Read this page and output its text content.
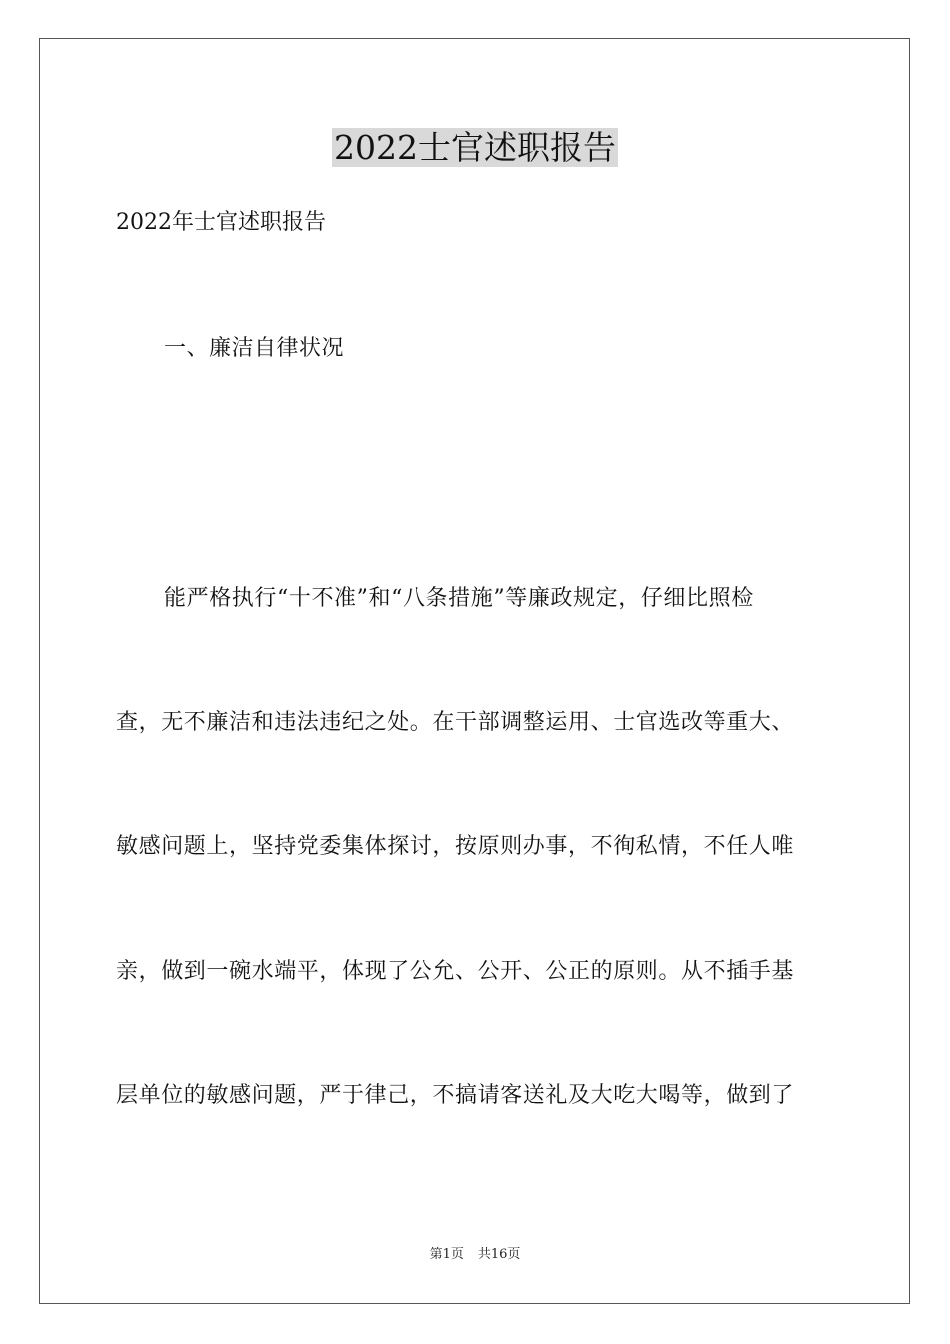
2022士官述职报告

2022年士官述职报告

一、廉洁自律状况

能严格执行“十不准”和“八条措施”等廉政规定，仔细比照检

查，无不廉洁和违法违纪之处。在干部调整运用、士官选改等重大、

敏感问题上，坚持党委集体探讨，按原则办事，不徇私情，不任人唯

亲，做到一碗水端平，体现了公允、公开、公正的原则。从不插手基

层单位的敏感问题，严于律己，不搞请客送礼及大吃大喝等，做到了

第1页 共16页
